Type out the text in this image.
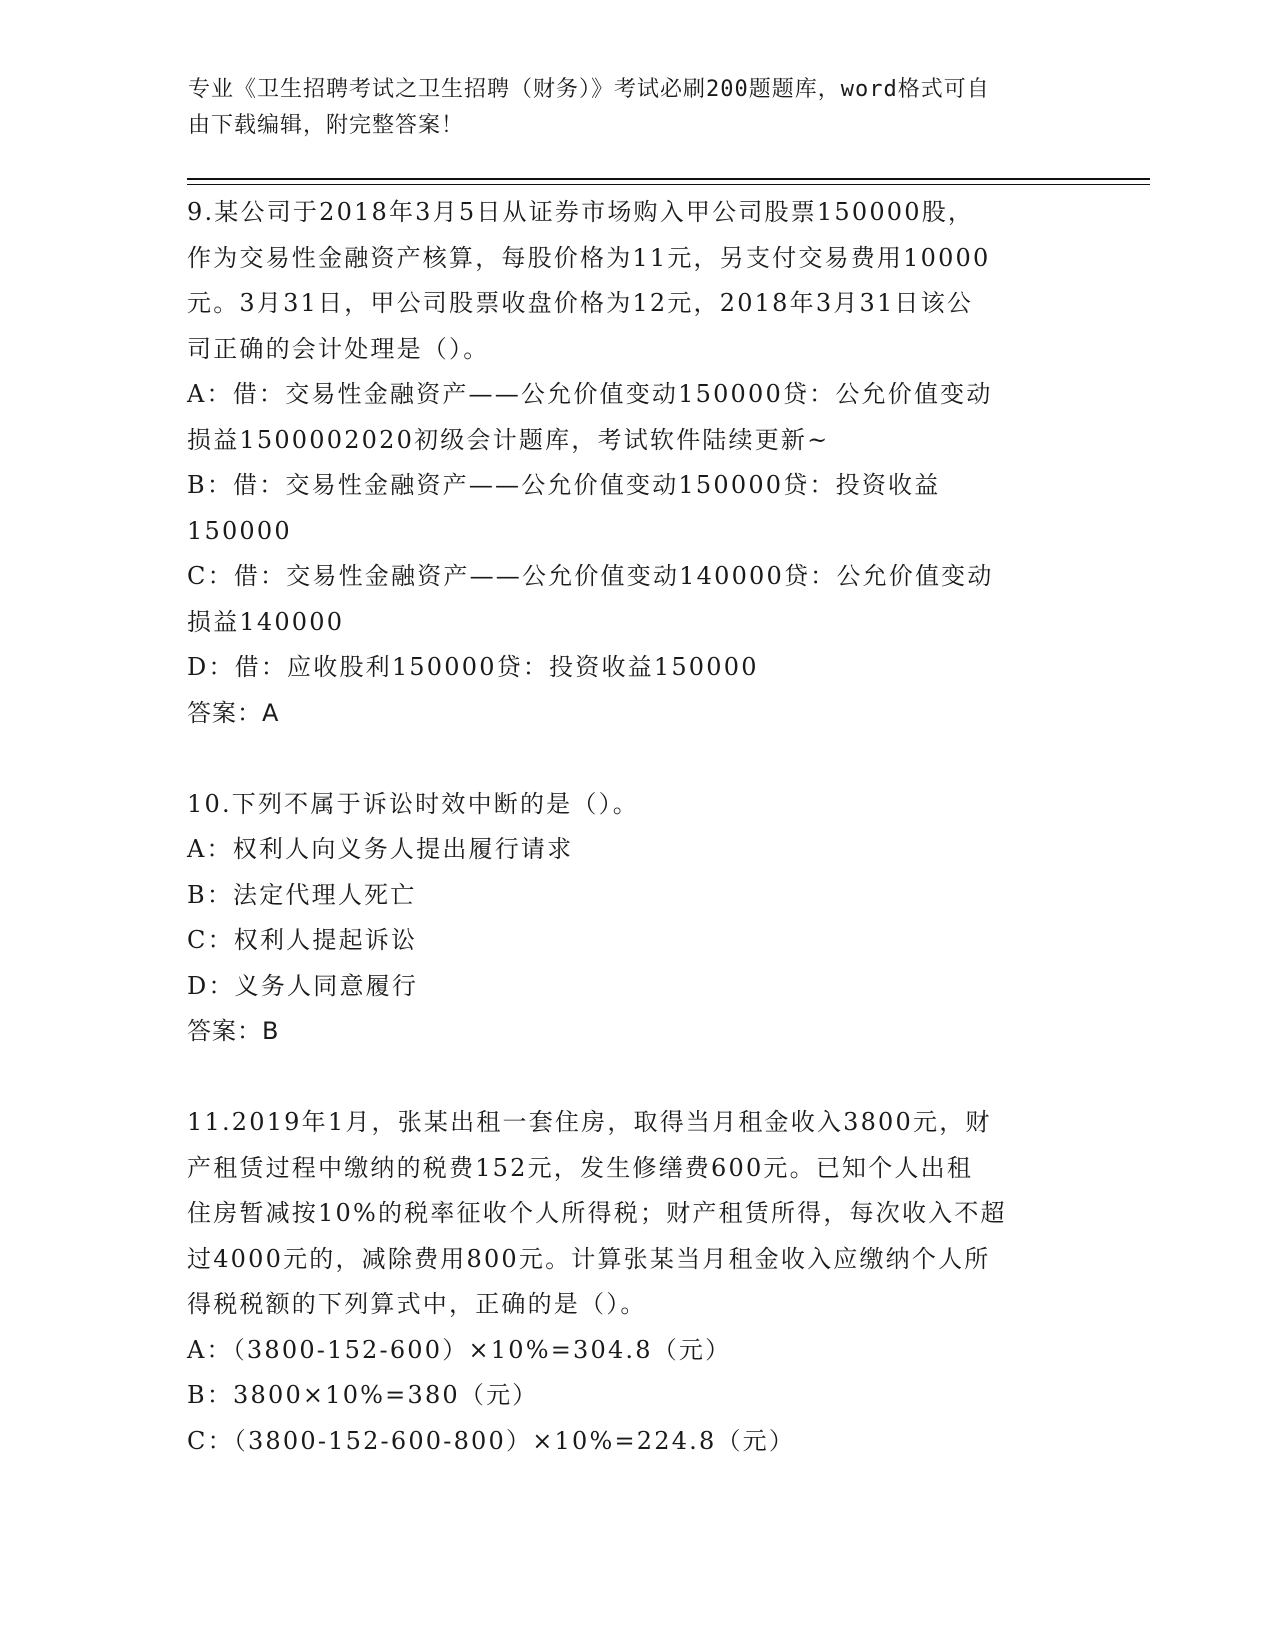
专业《卫生招聘考试之卫生招聘（财务）》考试必刷200题题库，word格式可自
由下载编辑，附完整答案！
9.某公司于2018年3月5日从证券市场购入甲公司股票150000股，
作为交易性金融资产核算，每股价格为11元，另支付交易费用10000
元。3月31日，甲公司股票收盘价格为12元，2018年3月31日该公
司正确的会计处理是（）。
A：借：交易性金融资产——公允价值变动150000贷：公允价值变动
损益1500002020初级会计题库，考试软件陆续更新~
B：借：交易性金融资产——公允价值变动150000贷：投资收益
150000
C：借：交易性金融资产——公允价值变动140000贷：公允价值变动
损益140000
D：借：应收股利150000贷：投资收益150000
答案：A
10.下列不属于诉讼时效中断的是（）。
A：权利人向义务人提出履行请求
B：法定代理人死亡
C：权利人提起诉讼
D：义务人同意履行
答案：B
11.2019年1月，张某出租一套住房，取得当月租金收入3800元，财
产租赁过程中缴纳的税费152元，发生修缮费600元。已知个人出租
住房暂减按10%的税率征收个人所得税；财产租赁所得，每次收入不超
过4000元的，减除费用800元。计算张某当月租金收入应缴纳个人所
得税税额的下列算式中，正确的是（）。
A：（3800-152-600）×10%=304.8（元）
B：3800×10%=380（元）
C：（3800-152-600-800）×10%=224.8（元）
